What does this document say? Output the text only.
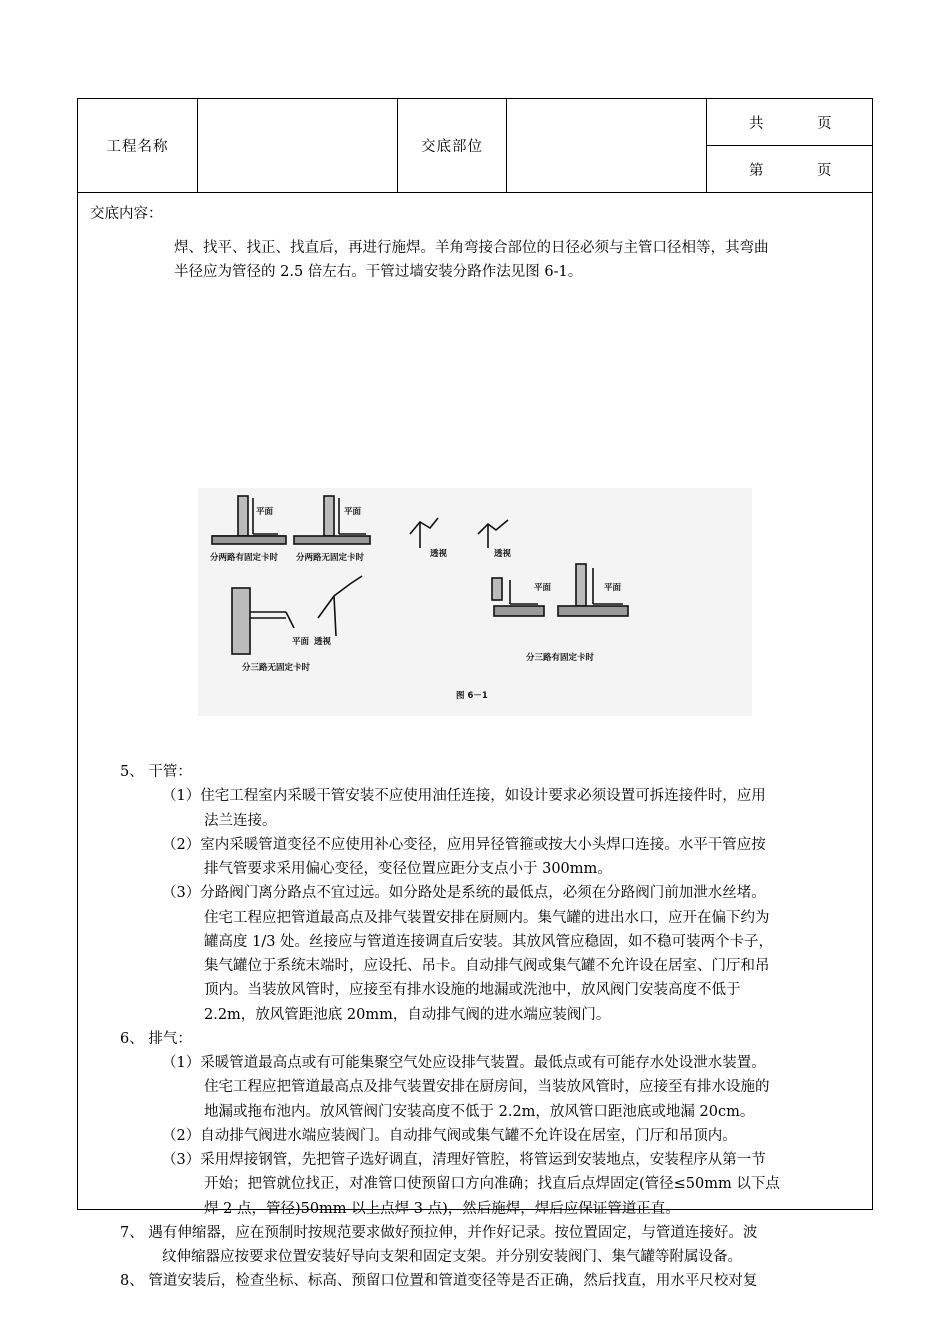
工程名称	交底部位
共	页
第	页
交底内容：
焊、找平、找正、找直后，再进行施焊。羊角弯接合部位的日径必须与主管口径相等，其弯曲
半径应为管径的 2.5 倍左右。干管过墙安装分路作法见图 6-1。
平面	平面
分两路有固定卡时 分两路无固定卡时	透视	透视
平面 透视
分三路无固定卡时
平面	平面
分三路有固定卡时
图 6－1
5、 干管：
（1）住宅工程室内采暖干管安装不应使用油任连接，如设计要求必须设置可拆连接件时，应用
法兰连接。
（2）室内采暖管道变径不应使用补心变径，应用异径管箍或按大小头焊口连接。水平干管应按
排气管要求采用偏心变径，变径位置应距分支点小于 300mm。
（3）分路阀门离分路点不宜过远。如分路处是系统的最低点，必须在分路阀门前加泄水丝堵。
住宅工程应把管道最高点及排气装置安排在厨厕内。集气罐的进出水口，应开在偏下约为
罐高度 1/3 处。丝接应与管道连接调直后安装。其放风管应稳固，如不稳可装两个卡子，
集气罐位于系统末端时，应设托、吊卡。自动排气阀或集气罐不允许设在居室、门厅和吊
顶内。当装放风管时，应接至有排水设施的地漏或洗池中，放风阀门安装高度不低于
2.2m，放风管距池底 20mm，自动排气阀的进水端应装阀门。
6、 排气：
（1）采暖管道最高点或有可能集聚空气处应设排气装置。最低点或有可能存水处设泄水装置。
住宅工程应把管道最高点及排气装置安排在厨房间，当装放风管时，应接至有排水设施的
地漏或拖布池内。放风管阀门安装高度不低于 2.2m，放风管口距池底或地漏 20cm。
（2）自动排气阀进水端应装阀门。自动排气阀或集气罐不允许设在居室，门厅和吊顶内。
（3）采用焊接钢管，先把管子选好调直，清理好管腔，将管运到安装地点，安装程序从第一节
开始；把管就位找正，对准管口使预留口方向准确；找直后点焊固定(管径≤50mm 以下点
焊 2 点，管径)50mm 以上点焊 3 点)，然后施焊，焊后应保证管道正直。
7、 遇有伸缩器，应在预制时按规范要求做好预拉伸，并作好记录。按位置固定，与管道连接好。波
纹伸缩器应按要求位置安装好导向支架和固定支架。并分别安装阀门、集气罐等附属设备。
8、 管道安装后，检查坐标、标高、预留口位置和管道变径等是否正确，然后找直，用水平尺校对复
